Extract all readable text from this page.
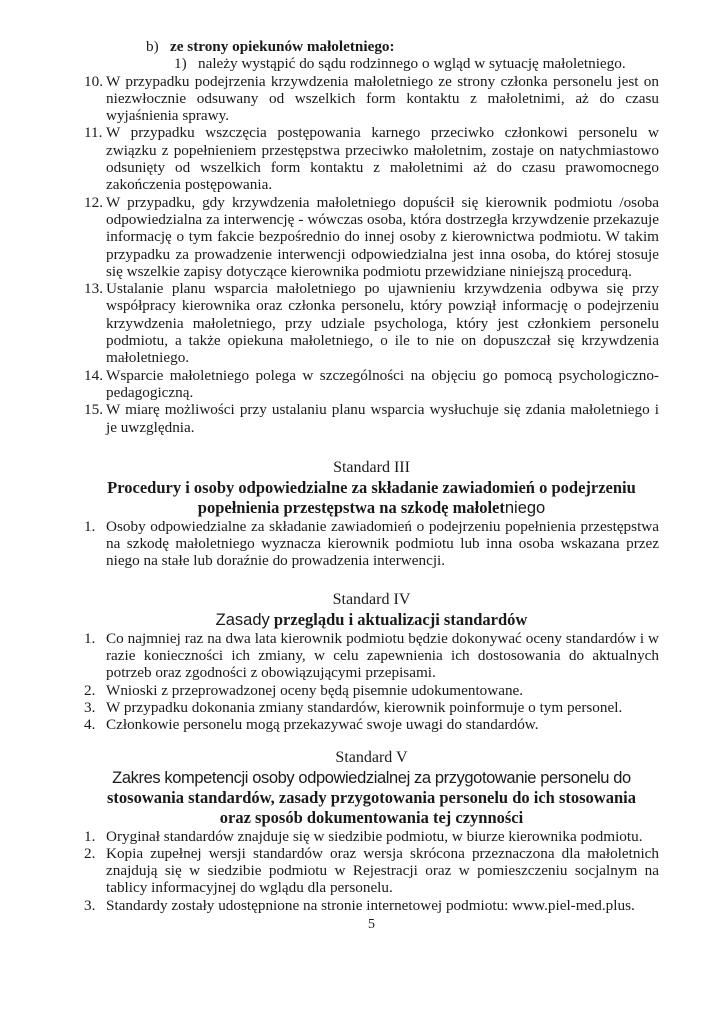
b) ze strony opiekunów małoletniego:
1) należy wystąpić do sądu rodzinnego o wgląd w sytuację małoletniego.
10. W przypadku podejrzenia krzywdzenia małoletniego ze strony członka personelu jest on niezwłocznie odsuwany od wszelkich form kontaktu z małoletnimi, aż do czasu wyjaśnienia sprawy.
11. W przypadku wszczęcia postępowania karnego przeciwko członkowi personelu w związku z popełnieniem przestępstwa przeciwko małoletnim, zostaje on natychmiastowo odsunięty od wszelkich form kontaktu z małoletnimi aż do czasu prawomocnego zakończenia postępowania.
12. W przypadku, gdy krzywdzenia małoletniego dopuścił się kierownik podmiotu /osoba odpowiedzialna za interwencję - wówczas osoba, która dostrzegła krzywdzenie przekazuje informację o tym fakcie bezpośrednio do innej osoby z kierownictwa podmiotu. W takim przypadku za prowadzenie interwencji odpowiedzialna jest inna osoba, do której stosuje się wszelkie zapisy dotyczące kierownika podmiotu przewidziane niniejszą procedurą.
13. Ustalanie planu wsparcia małoletniego po ujawnieniu krzywdzenia odbywa się przy współpracy kierownika oraz członka personelu, który powziął informację o podejrzeniu krzywdzenia małoletniego, przy udziale psychologa, który jest członkiem personelu podmiotu, a także opiekuna małoletniego, o ile to nie on dopuszczał się krzywdzenia małoletniego.
14. Wsparcie małoletniego polega w szczególności na objęciu go pomocą psychologiczno-pedagogiczną.
15. W miarę możliwości przy ustalaniu planu wsparcia wysłuchuje się zdania małoletniego i je uwzględnia.
Standard III
Procedury i osoby odpowiedzialne za składanie zawiadomień o podejrzeniu
popełnienia przestępstwa na szkodę małoletniego
1. Osoby odpowiedzialne za składanie zawiadomień o podejrzeniu popełnienia przestępstwa na szkodę małoletniego wyznacza kierownik podmiotu lub inna osoba wskazana przez niego na stałe lub doraźnie do prowadzenia interwencji.
Standard IV
Zasady przeglądu i aktualizacji standardów
1. Co najmniej raz na dwa lata kierownik podmiotu będzie dokonywać oceny standardów i w razie konieczności ich zmiany, w celu zapewnienia ich dostosowania do aktualnych potrzeb oraz zgodności z obowiązującymi przepisami.
2. Wnioski z przeprowadzonej oceny będą pisemnie udokumentowane.
3. W przypadku dokonania zmiany standardów, kierownik poinformuje o tym personel.
4. Członkowie personelu mogą przekazywać swoje uwagi do standardów.
Standard V
Zakres kompetencji osoby odpowiedzialnej za przygotowanie personelu do
stosowania standardów, zasady przygotowania personelu do ich stosowania
oraz sposób dokumentowania tej czynności
1. Oryginał standardów znajduje się w siedzibie podmiotu, w biurze kierownika podmiotu.
2. Kopia zupełnej wersji standardów oraz wersja skrócona przeznaczona dla małoletnich znajdują się w siedzibie podmiotu w Rejestracji oraz w pomieszczeniu socjalnym na tablicy informacyjnej do wglądu dla personelu.
3. Standardy zostały udostępnione na stronie internetowej podmiotu: www.piel-med.plus.
5
